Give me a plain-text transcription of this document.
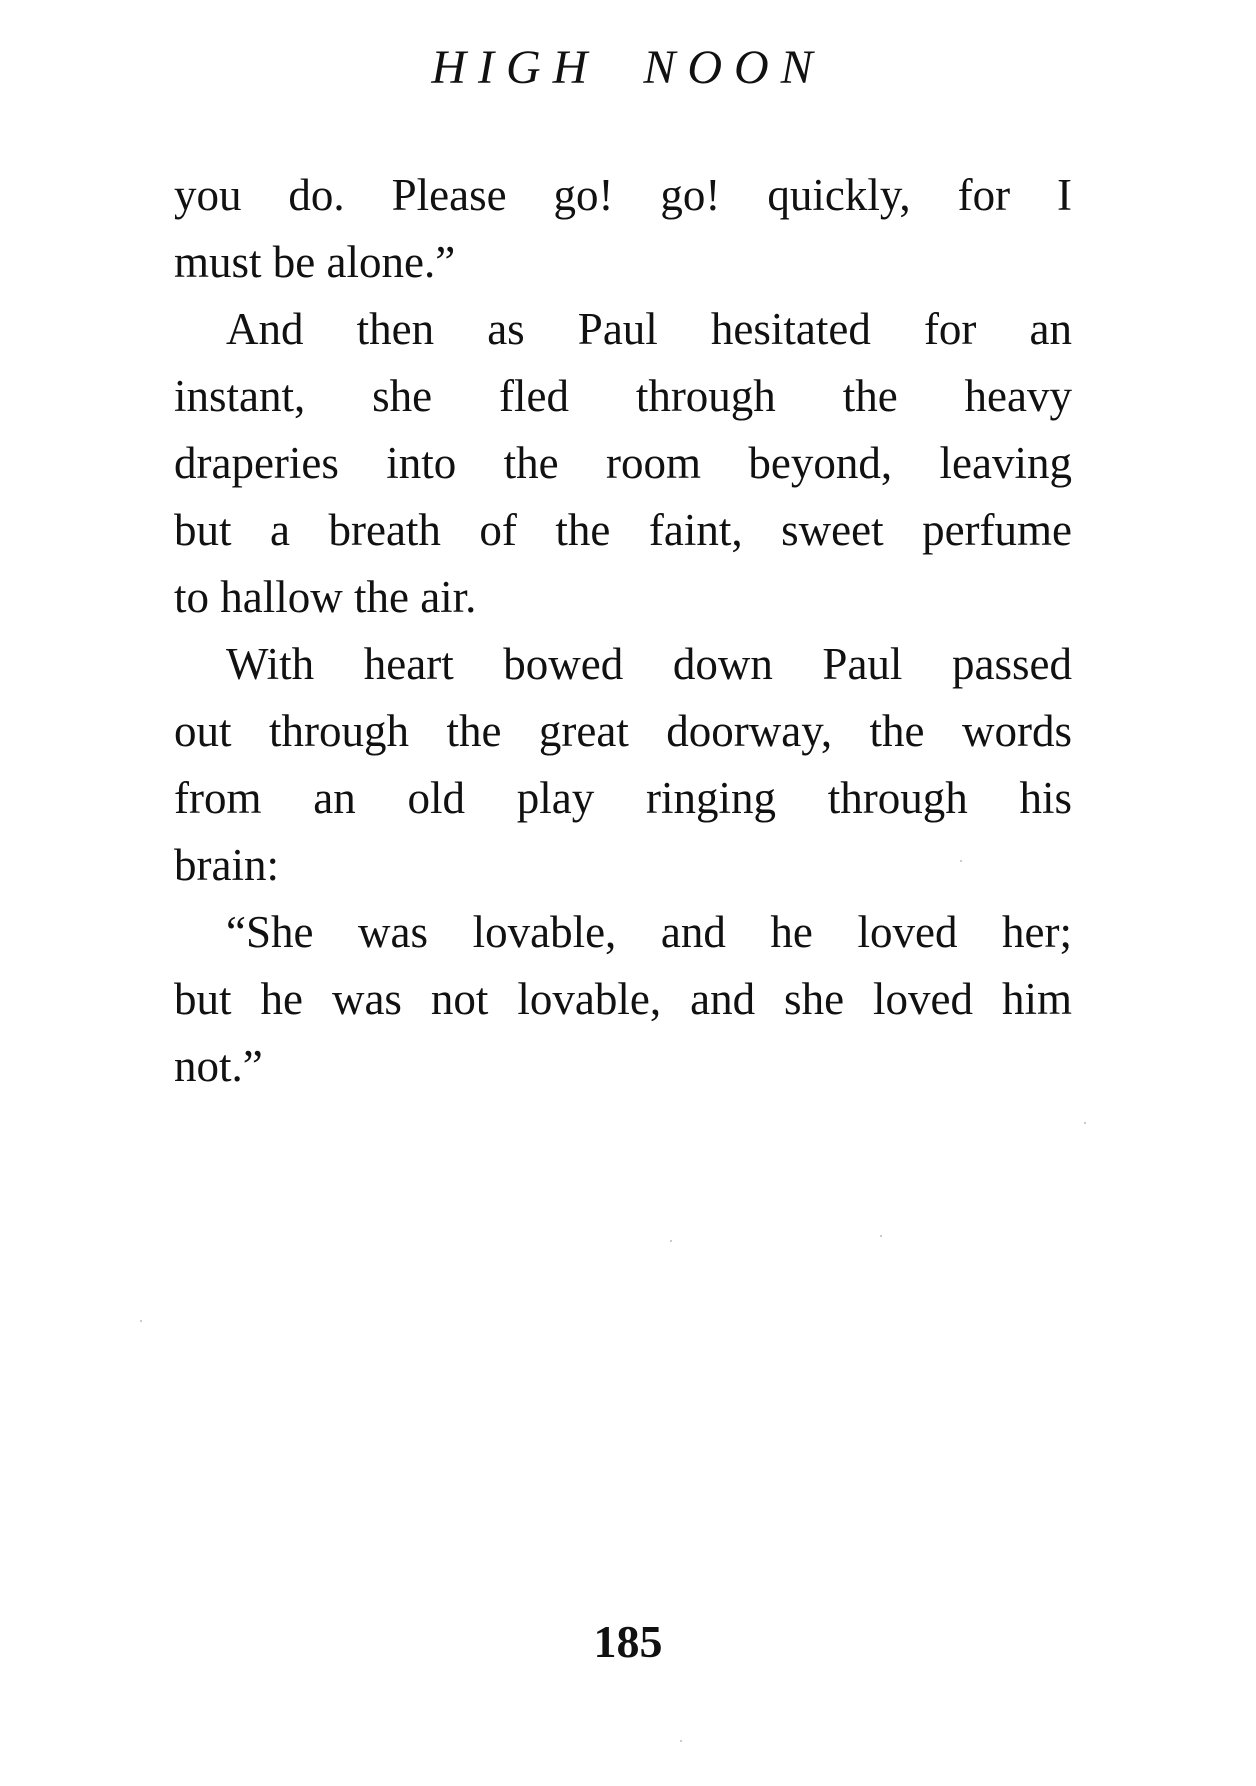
HIGH NOON
you do. Please go! go! quickly, for I
must be alone.”
And then as Paul hesitated for an
instant, she fled through the heavy
draperies into the room beyond, leaving
but a breath of the faint, sweet perfume
to hallow the air.
With heart bowed down Paul passed
out through the great doorway, the words
from an old play ringing through his
brain:
“She was lovable, and he loved her;
but he was not lovable, and she loved him
not.”
185
